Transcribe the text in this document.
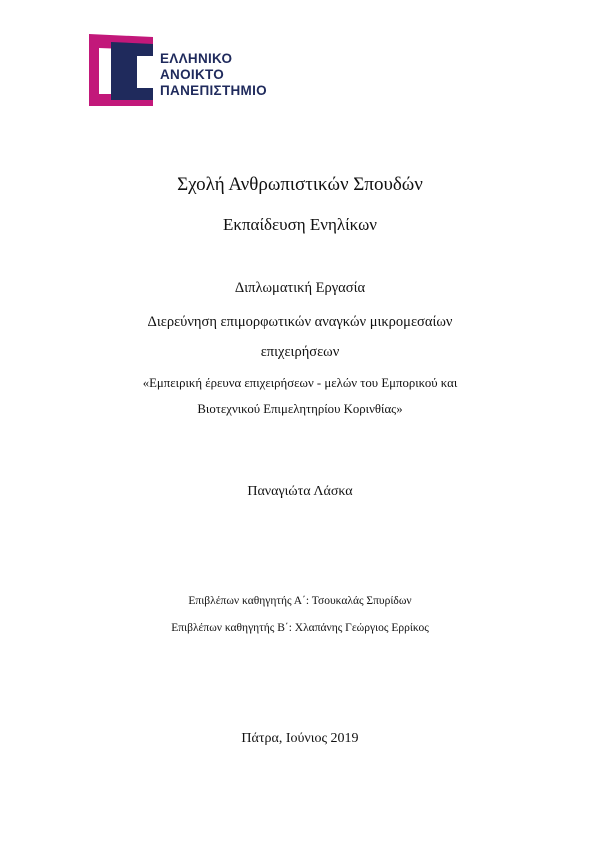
ΕΛΛΗΝΙΚΟ
ΑΝΟΙΚΤΟ
ΠΑΝΕΠΙΣΤΗΜΙΟ
Σχολή Ανθρωπιστικών Σπουδών
Εκπαίδευση Ενηλίκων
Διπλωματική Εργασία
Διερεύνηση επιμορφωτικών αναγκών μικρομεσαίων
επιχειρήσεων
«Εμπειρική έρευνα επιχειρήσεων - μελών του Εμπορικού και
Βιοτεχνικού Επιμελητηρίου Κορινθίας»
Παναγιώτα Λάσκα
Επιβλέπων καθηγητής Α΄: Τσουκαλάς Σπυρίδων
Επιβλέπων καθηγητής Β΄: Χλαπάνης Γεώργιος Ερρίκος
Πάτρα, Ιούνιος 2019
